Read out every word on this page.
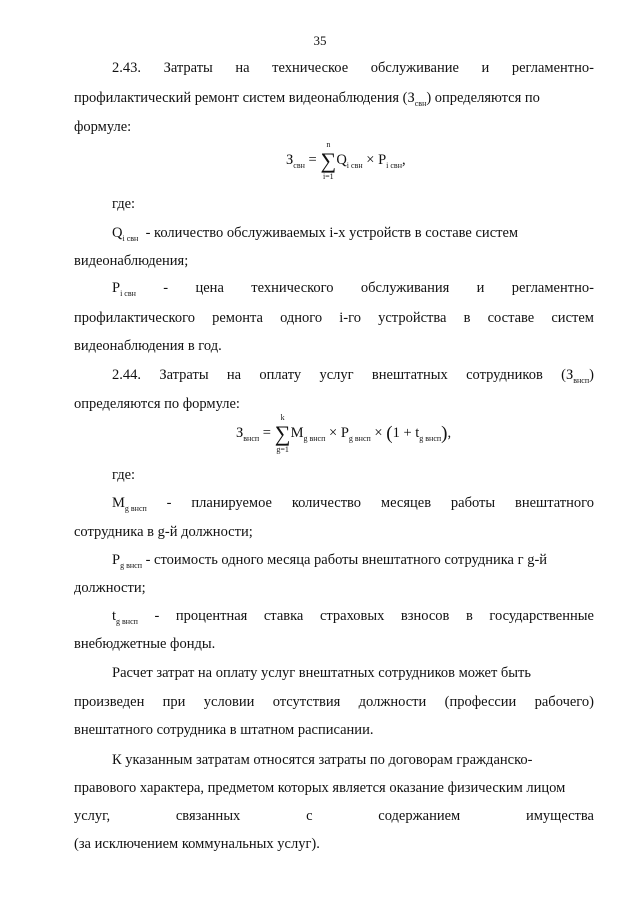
35
2.43. Затраты на техническое обслуживание и регламентно-
профилактический ремонт систем видеонаблюдения $(З_{свн})$ определяются по
формуле:
$З_{свн}$ =
n
∑
i=1
$Q_{i свн} \times P_{i свн}$,
где:
$Q_{i свн}$ - количество обслуживаемых i-х устройств в составе систем
видеонаблюдения;
$P_{i свн}$ - цена технического обслуживания и регламентно-
профилактического ремонта одного i-го устройства в составе систем
видеонаблюдения в год.
2.44. Затраты на оплату услуг внештатных сотрудников $(З_{внсп})$
определяются по формуле:
$З_{внсп}$ =
k
∑
g=1
$M_{g внсп} \times P_{g внсп} \times (1 + t_{g внсп})$,
где:
$M_{g внсп}$ - планируемое количество месяцев работы внештатного
сотрудника в g-й должности;
$P_{g внсп}$ - стоимость одного месяца работы внештатного сотрудника г g-й
должности;
$t_{g внсп}$ - процентная ставка страховых взносов в государственные
внебюджетные фонды.
Расчет затрат на оплату услуг внештатных сотрудников может быть
произведен при условии отсутствия должности (профессии рабочего)
внештатного сотрудника в штатном расписании.
К указанным затратам относятся затраты по договорам гражданско-
правового характера, предметом которых является оказание физическим лицом
услуг,	связанных	с	содержанием	имущества
(за исключением коммунальных услуг).
